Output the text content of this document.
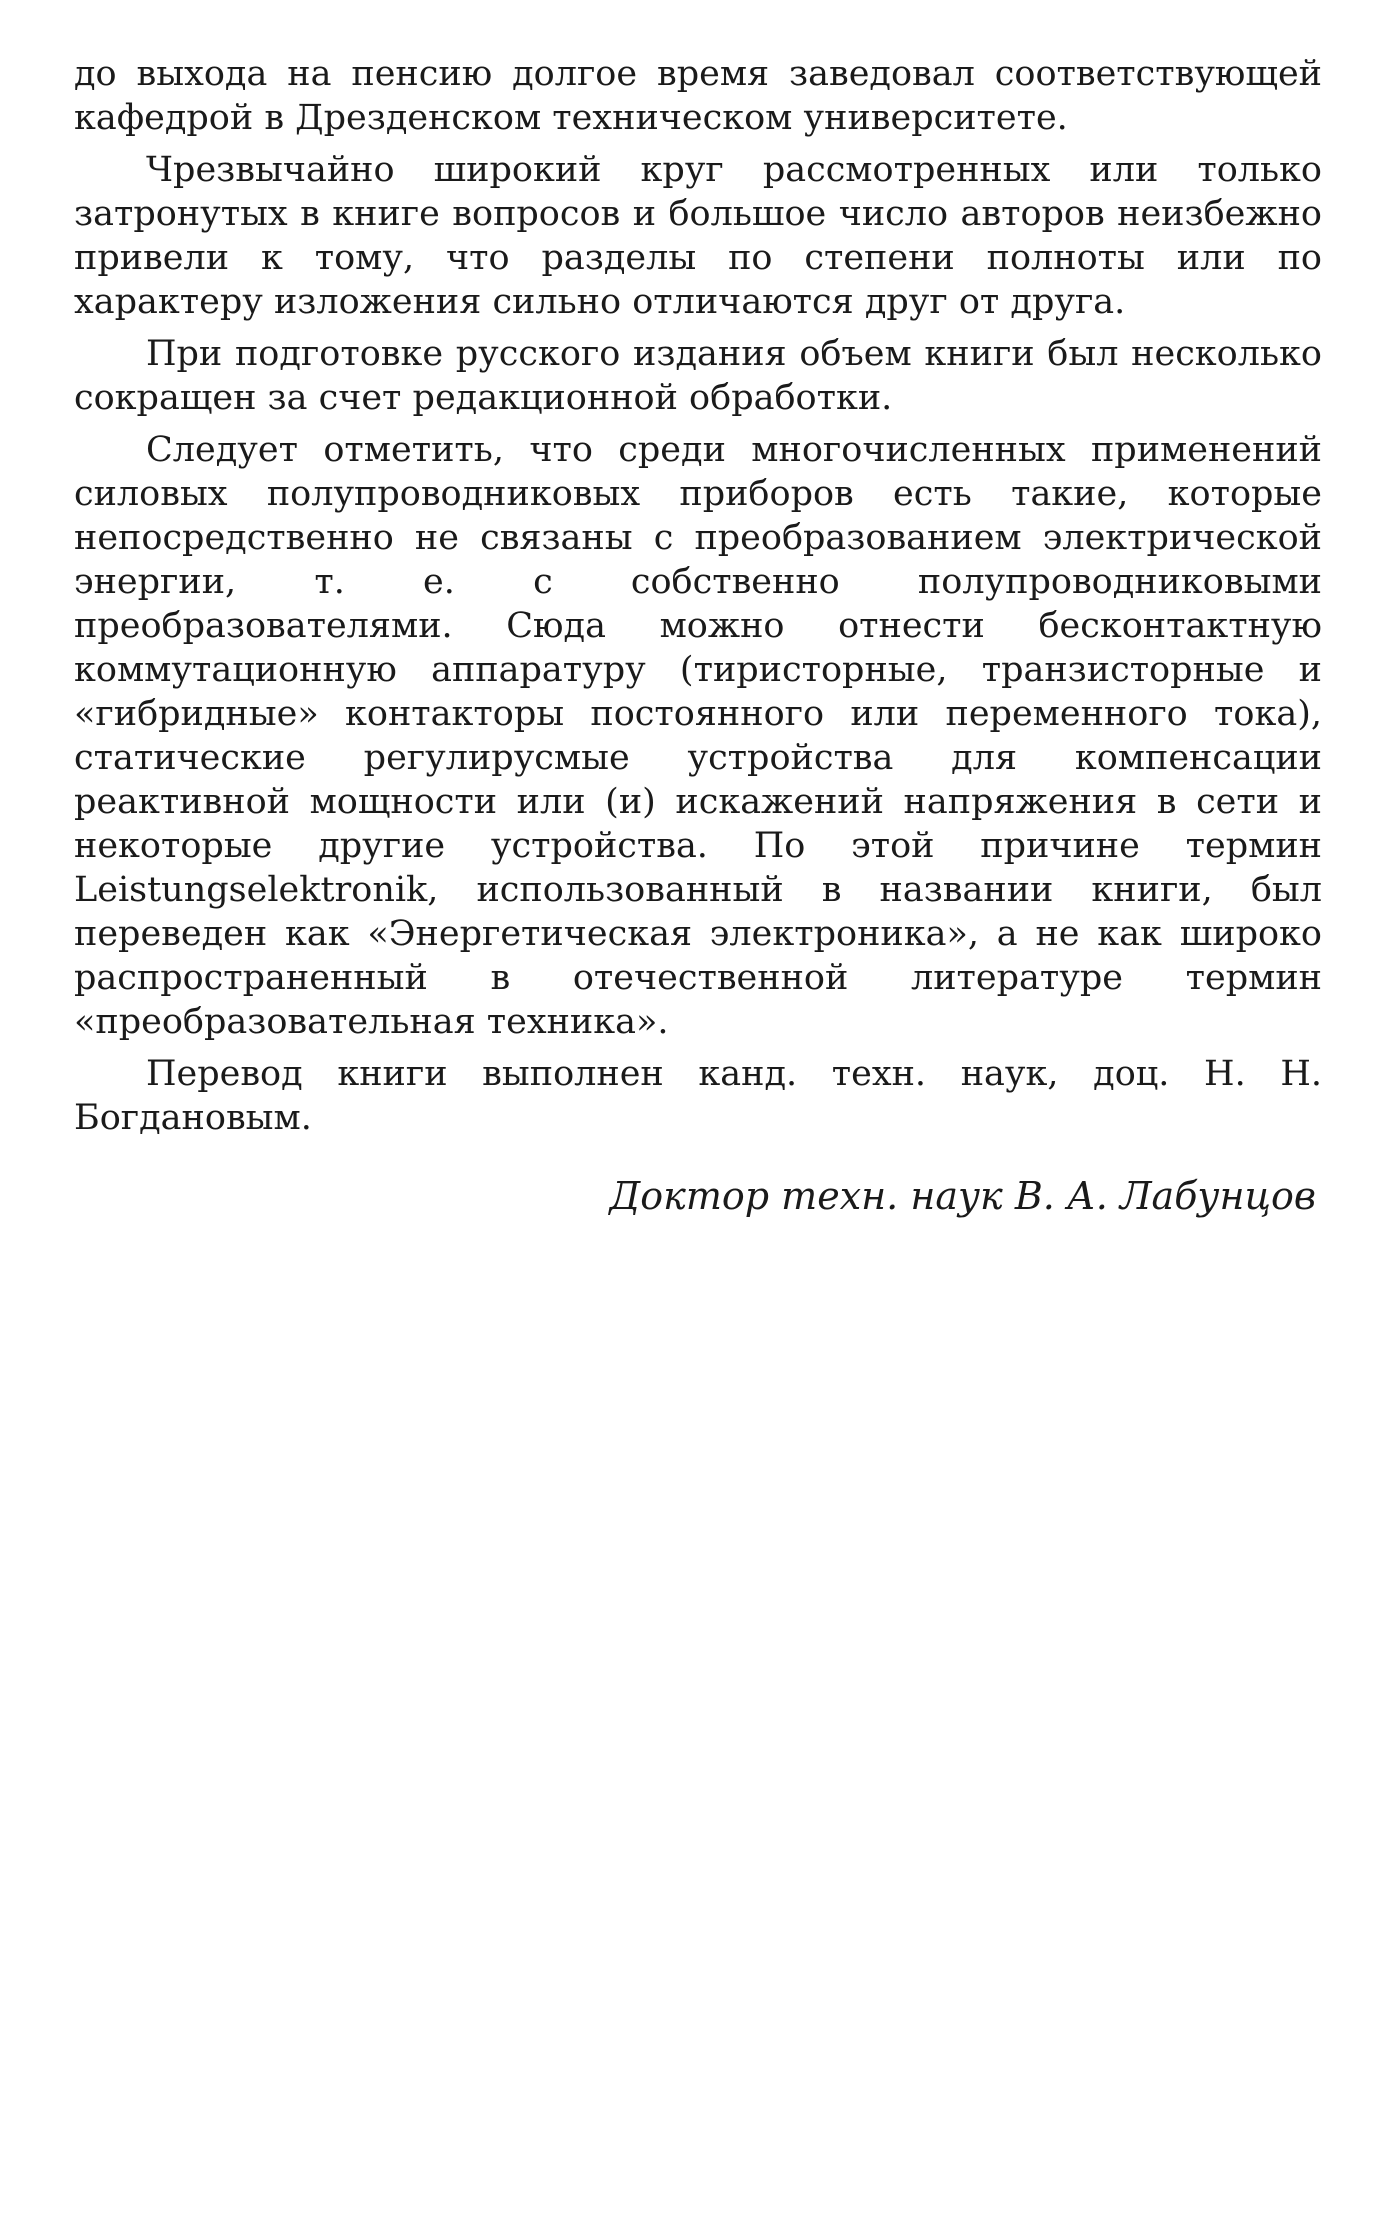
до выхода на пенсию долгое время заведовал соответствующей кафедрой в Дрезденском техническом университете.

Чрезвычайно широкий круг рассмотренных или только затронутых в книге вопросов и большое число авторов неизбежно привели к тому, что разделы по степени полноты или по характеру изложения сильно отличаются друг от друга.

При подготовке русского издания объем книги был несколько сокращен за счет редакционной обработки.

Следует отметить, что среди многочисленных применений силовых полупроводниковых приборов есть такие, которые непосредственно не связаны с преобразованием электрической энергии, т. е. с собственно полупроводниковыми преобразователями. Сюда можно отнести бесконтактную коммутационную аппаратуру (тиристорные, транзисторные и «гибридные» контакторы постоянного или переменного тока), статические регулирусмые устройства для компенсации реактивной мощности или (и) искажений напряжения в сети и некоторые другие устройства. По этой причине термин Leistungselektronik, использованный в названии книги, был переведен как «Энергетическая электроника», а не как широко распространенный в отечественной литературе термин «преобразовательная техника».

Перевод книги выполнен канд. техн. наук, доц. Н. Н. Богдановым.

Доктор техн. наук В. А. Лабунцов
